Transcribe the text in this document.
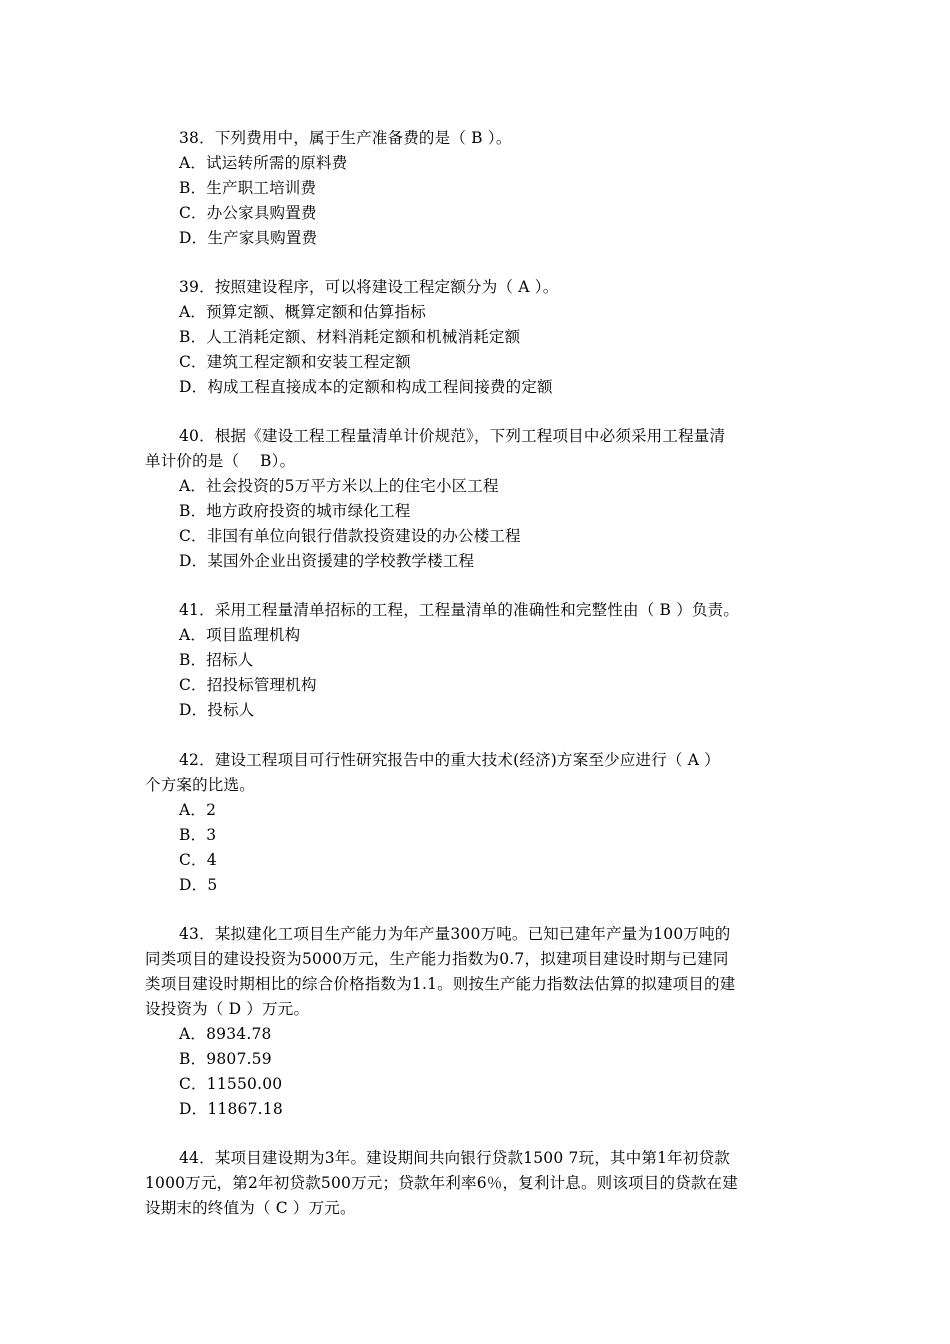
38．下列费用中，属于生产准备费的是（ B ）。
A．试运转所需的原料费
B．生产职工培训费
C．办公家具购置费
D．生产家具购置费
39．按照建设程序，可以将建设工程定额分为（ A ）。
A．预算定额、概算定额和估算指标
B．人工消耗定额、材料消耗定额和机械消耗定额
C．建筑工程定额和安装工程定额
D．构成工程直接成本的定额和构成工程间接费的定额
40．根据《建设工程工程量清单计价规范》，下列工程项目中必须采用工程量清
单计价的是（　 B）。
A．社会投资的5万平方米以上的住宅小区工程
B．地方政府投资的城市绿化工程
C．非国有单位向银行借款投资建设的办公楼工程
D．某国外企业出资援建的学校教学楼工程
41．采用工程量清单招标的工程，工程量清单的准确性和完整性由（ B ）负责。
A．项目监理机构
B．招标人
C．招投标管理机构
D．投标人
42．建设工程项目可行性研究报告中的重大技术(经济)方案至少应进行（ A ）
个方案的比选。
A．2
B．3
C．4
D．5
43．某拟建化工项目生产能力为年产量300万吨。已知已建年产量为100万吨的
同类项目的建设投资为5000万元，生产能力指数为0.7，拟建项目建设时期与已建同
类项目建设时期相比的综合价格指数为1.1。则按生产能力指数法估算的拟建项目的建
设投资为（ D ）万元。
A．8934.78
B．9807.59
C．11550.00
D．11867.18
44．某项目建设期为3年。建设期间共向银行贷款1500 7玩，其中第1年初贷款
1000万元，第2年初贷款500万元；贷款年利率6％，复利计息。则该项目的贷款在建
设期末的终值为（ C ）万元。
